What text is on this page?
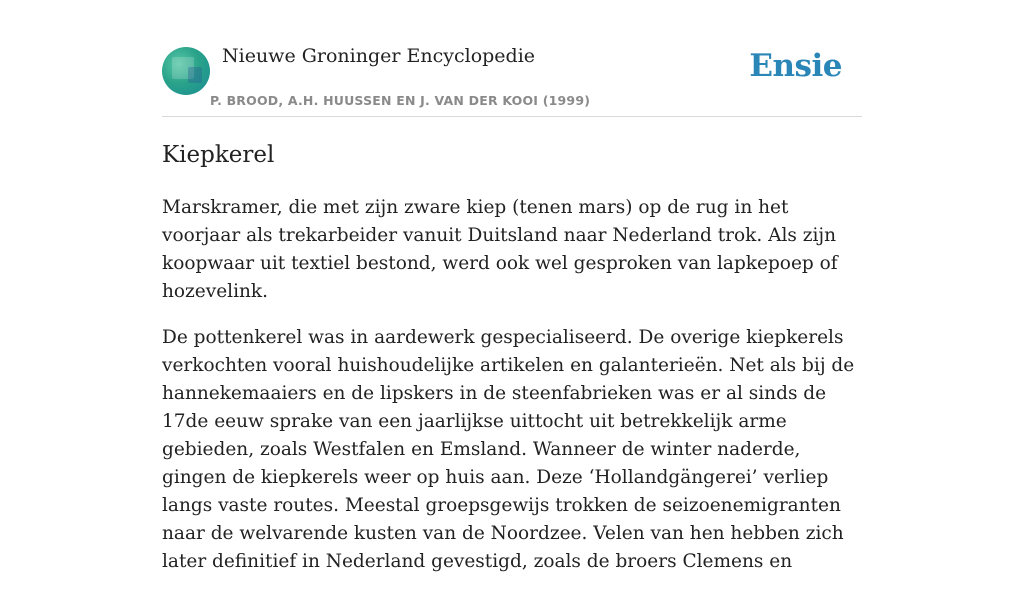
Nieuwe Groninger Encyclopedie
P. BROOD, A.H. HUUSSEN EN J. VAN DER KOOI (1999)
Ensie
Kiepkerel

Marskramer, die met zijn zware kiep (tenen mars) op de rug in het voorjaar als trekarbeider vanuit Duitsland naar Nederland trok. Als zijn koopwaar uit textiel bestond, werd ook wel gesproken van lapkepoep of hozevelink.

De pottenkerel was in aardewerk gespecialiseerd. De overige kiepkerels verkochten vooral huishoudelijke artikelen en galanterieën. Net als bij de hannekemaaiers en de lipskers in de steenfabrieken was er al sinds de 17de eeuw sprake van een jaarlijkse uittocht uit betrekkelijk arme gebieden, zoals Westfalen en Emsland. Wanneer de winter naderde, gingen de kiepkerels weer op huis aan. Deze ‘Hollandgängerei’ verliep langs vaste routes. Meestal groepsgewijs trokken de seizoenemigranten naar de welvarende kusten van de Noordzee. Velen van hen hebben zich later definitief in Nederland gevestigd, zoals de broers Clemens en
